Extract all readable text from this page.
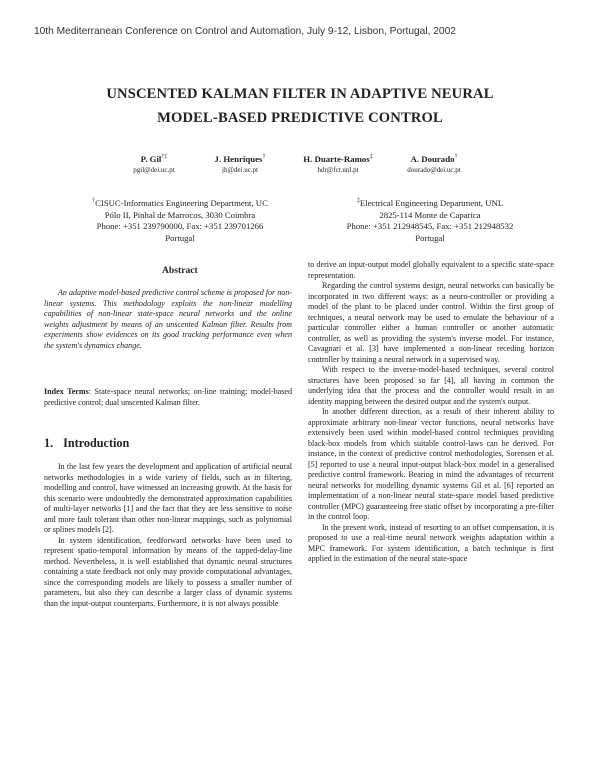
10th Mediterranean Conference on Control and Automation, July 9-12, Lisbon, Portugal, 2002
UNSCENTED KALMAN FILTER IN ADAPTIVE NEURAL
MODEL-BASED PREDICTIVE CONTROL
P. Gil†‡
pgil@dei.uc.pt
J. Henriques†
jh@dei.uc.pt
H. Duarte-Ramos‡
hdr@fct.unl.pt
A. Dourado†
dourado@dei.uc.pt
†CISUC-Informatics Engineering Department, UC
Pólo II, Pinhal de Marrocos, 3030 Coimbra
Phone: +351 239790000, Fax: +351 239701266
Portugal
‡Electrical Engineering Department, UNL
2825-114 Monte de Caparica
Phone: +351 212948545, Fax: +351 212948532
Portugal
Abstract

An adaptive model-based predictive control scheme is proposed for non-linear systems. This methodology exploits the non-linear modelling capabilities of non-linear state-space neural networks and the online weights adjustment by means of an unscented Kalman filter. Results from experiments show evidences on its good tracking performance even when the system's dynamics change.

Index Terms: State-space neural networks; on-line training; model-based predictive control; dual unscented Kalman filter.

1. Introduction

In the last few years the development and application of artificial neural networks methodologies in a wide variety of fields, such as in filtering, modelling and control, have witnessed an increasing growth. At the basis for this scenario were undoubtedly the demonstrated approximation capabilities of multi-layer networks [1] and the fact that they are less sensitive to noise and more fault tolerant than other non-linear mappings, such as polynomial or splines models [2].

In system identification, feedforward networks have been used to represent spatio-temporal information by means of the tapped-delay-line method. Nevertheless, it is well established that dynamic neural structures containing a state feedback not only may provide computational advantages, since the corresponding models are likely to possess a smaller number of parameters, but also they can describe a larger class of dynamic systems than the input-output counterparts. Furthermore, it is not always possible

to derive an input-output model globally equivalent to a specific state-space representation.

Regarding the control systems design, neural networks can basically be incorporated in two different ways: as a neuro-controller or providing a model of the plant to be placed under control. Within the first group of techniques, a neural network may be used to emulate the behaviour of a particular controller either a human controller or another automatic controller, as well as providing the system's inverse model. For instance, Cavagnari et al. [3] have implemented a non-linear receding horizon controller by training a neural network in a supervised way.

With respect to the inverse-model-based techniques, several control structures have been proposed so far [4], all having in common the underlying idea that the process and the controller would result in an identity mapping between the desired output and the system's output.

In another different direction, as a result of their inherent ability to approximate arbitrary non-linear vector functions, neural networks have extensively been used within model-based control techniques providing black-box models from which suitable control-laws can be derived. For instance, in the context of predictive control methodologies, Sorensen et al. [5] reported to use a neural input-output black-box model in a generalised predictive control framework. Bearing in mind the advantages of recurrent neural networks for modelling dynamic systems Gil et al. [6] reported an implementation of a non-linear neural state-space model based predictive controller (MPC) guaranteeing free static offset by incorporating a pre-filter in the control loop.

In the present work, instead of resorting to an offset compensation, it is proposed to use a real-time neural network weights adaptation within a MPC framework. For system identification, a batch technique is first applied in the estimation of the neural state-space
